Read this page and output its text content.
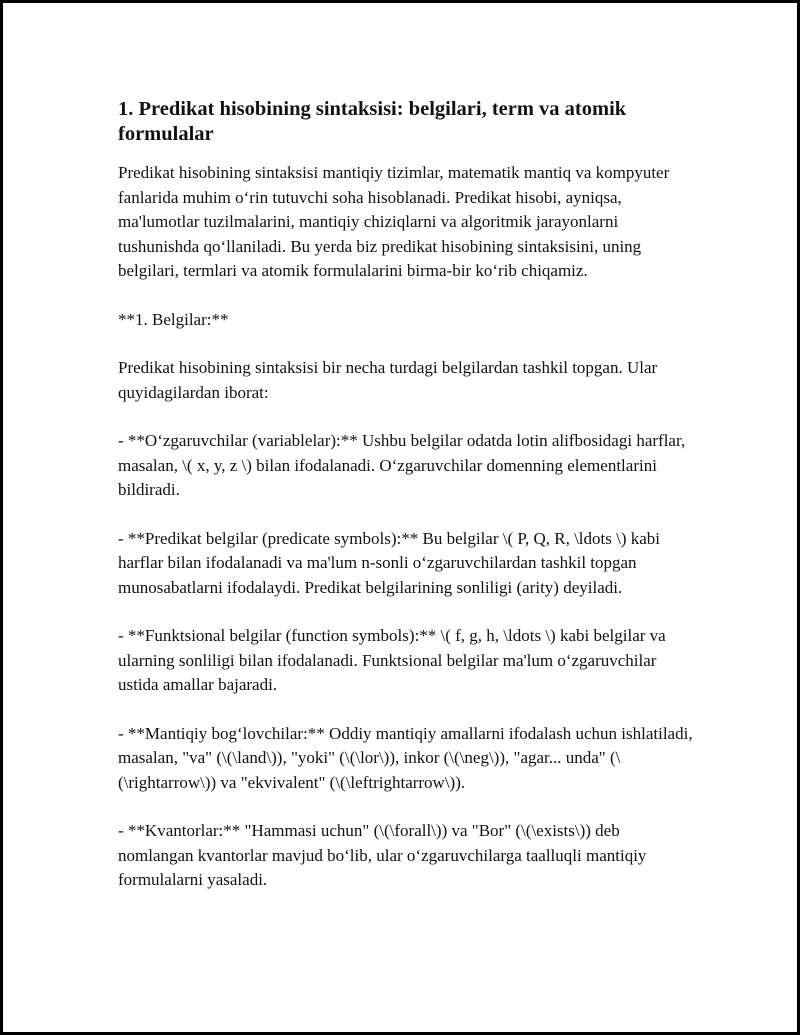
1. Predikat hisobining sintaksisi: belgilari, term va atomik formulalar

Predikat hisobining sintaksisi mantiqiy tizimlar, matematik mantiq va kompyuter fanlarida muhim o‘rin tutuvchi soha hisoblanadi. Predikat hisobi, ayniqsa, ma'lumotlar tuzilmalarini, mantiqiy chiziqlarni va algoritmik jarayonlarni tushunishda qo‘llaniladi. Bu yerda biz predikat hisobining sintaksisini, uning belgilari, termlari va atomik formulalarini birma-bir ko‘rib chiqamiz.

**1. Belgilar:**

Predikat hisobining sintaksisi bir necha turdagi belgilardan tashkil topgan. Ular quyidagilardan iborat:

- **O‘zgaruvchilar (variablelar):** Ushbu belgilar odatda lotin alifbosidagi harflar, masalan, \( x, y, z \) bilan ifodalanadi. O‘zgaruvchilar domenning elementlarini bildiradi.

- **Predikat belgilar (predicate symbols):** Bu belgilar \( P, Q, R, \ldots \) kabi harflar bilan ifodalanadi va ma'lum n-sonli o‘zgaruvchilardan tashkil topgan munosabatlarni ifodalaydi. Predikat belgilarining sonliligi (arity) deyiladi.

- **Funktsional belgilar (function symbols):** \( f, g, h, \ldots \) kabi belgilar va ularning sonliligi bilan ifodalanadi. Funktsional belgilar ma'lum o‘zgaruvchilar ustida amallar bajaradi.

- **Mantiqiy bog‘lovchilar:** Oddiy mantiqiy amallarni ifodalash uchun ishlatiladi, masalan, "va" (\(\land\)), "yoki" (\(\lor\)), inkor (\(\neg\)), "agar... unda" (\(\rightarrow\)) va "ekvivalent" (\(\leftrightarrow\)).

- **Kvantorlar:** "Hammasi uchun" (\(\forall\)) va "Bor" (\(\exists\)) deb nomlangan kvantorlar mavjud bo‘lib, ular o‘zgaruvchilarga taalluqli mantiqiy formulalarni yasaladi.
